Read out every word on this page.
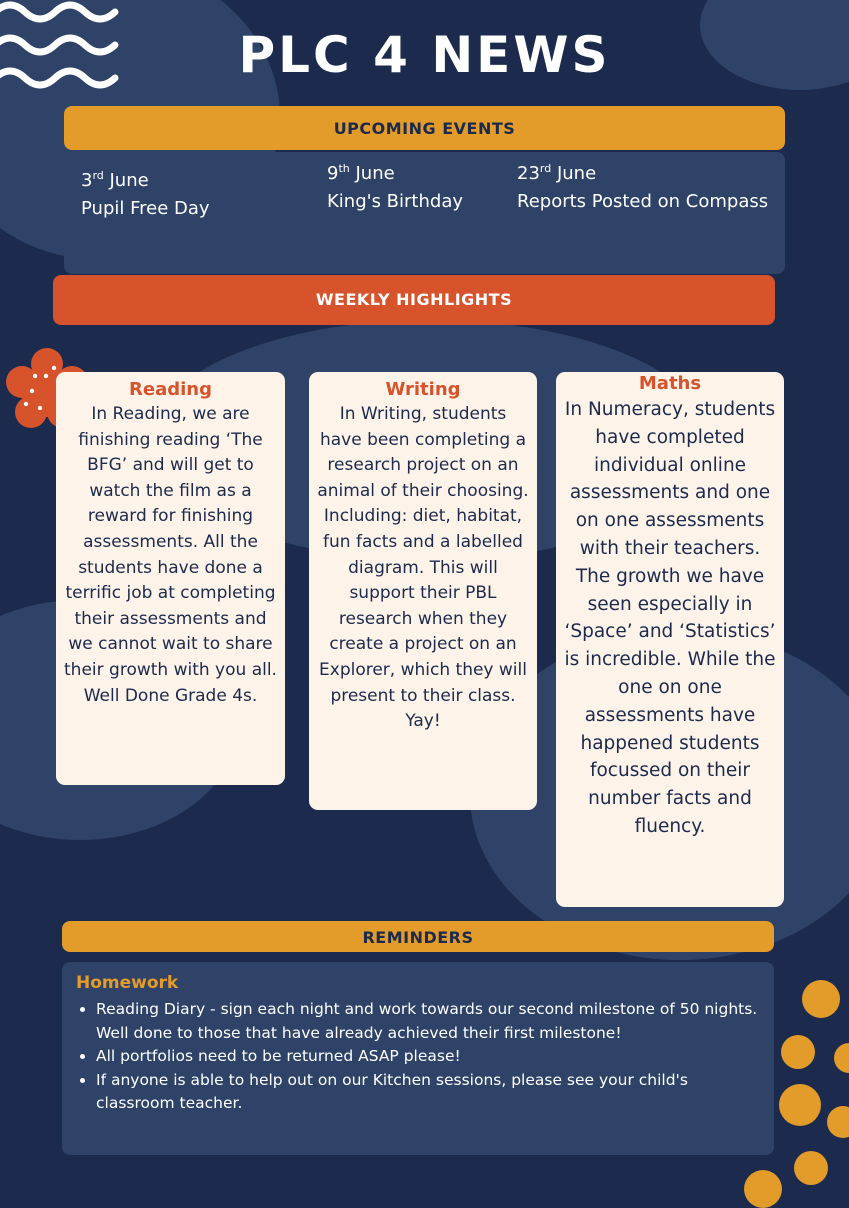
PLC 4 NEWS
UPCOMING EVENTS
3rd June
Pupil Free Day
9th June
King's Birthday
23rd June
Reports Posted on Compass
WEEKLY HIGHLIGHTS
Reading
In Reading, we are finishing reading ‘The BFG’ and will get to watch the film as a reward for finishing assessments. All the students have done a terrific job at completing their assessments and we cannot wait to share their growth with you all.
Well Done Grade 4s.
Writing
In Writing, students have been completing a research project on an animal of their choosing. Including: diet, habitat, fun facts and a labelled diagram. This will support their PBL research when they create a project on an Explorer, which they will present to their class. Yay!
Maths
In Numeracy, students have completed individual online assessments and one on one assessments with their teachers. The growth we have seen especially in ‘Space’ and ‘Statistics’ is incredible. While the one on one assessments have happened students focussed on their number facts and fluency.
REMINDERS
Homework
• Reading Diary - sign each night and work towards our second milestone of 50 nights. Well done to those that have already achieved their first milestone!
• All portfolios need to be returned ASAP please!
• If anyone is able to help out on our Kitchen sessions, please see your child's classroom teacher.
